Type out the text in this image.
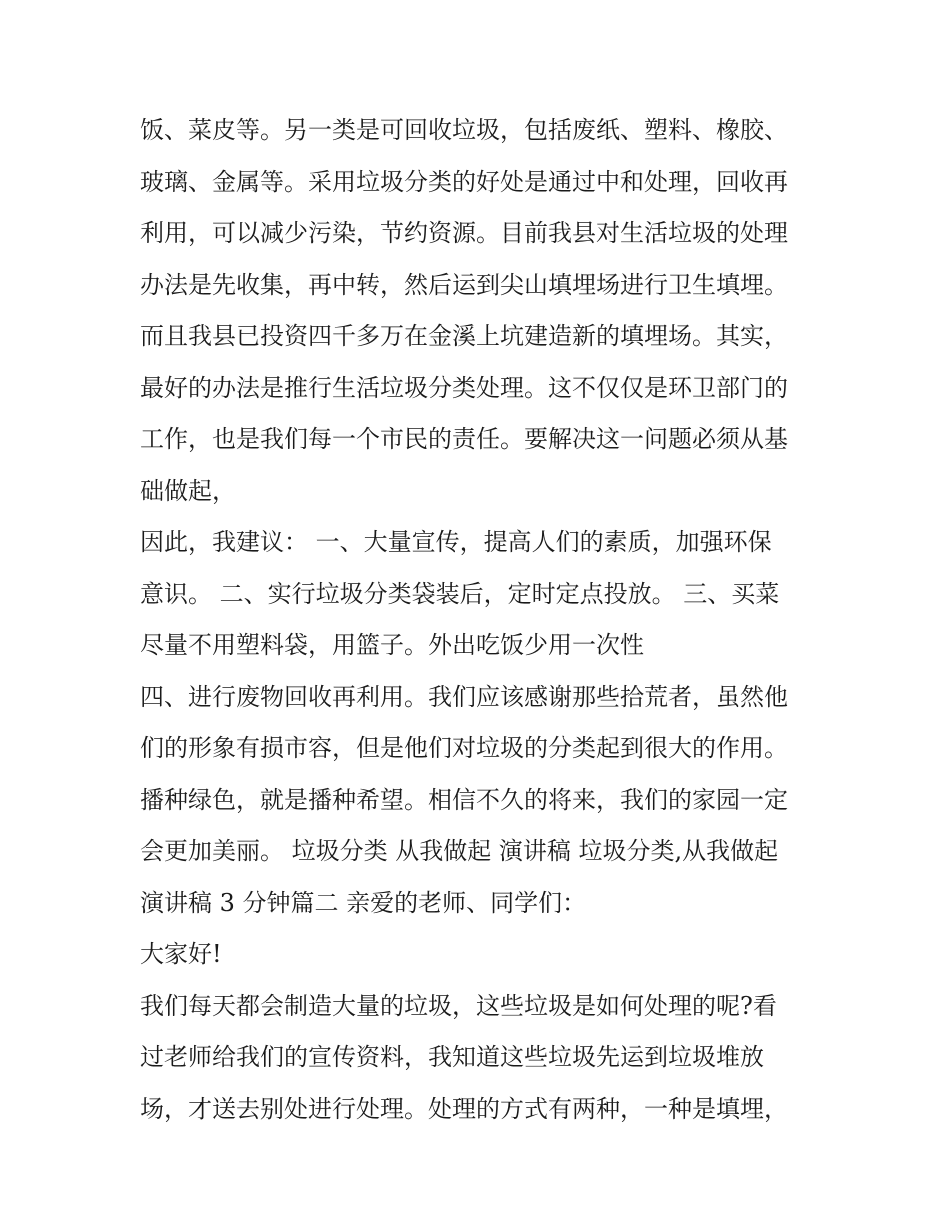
饭、菜皮等。另一类是可回收垃圾，包括废纸、塑料、橡胶、
玻璃、金属等。采用垃圾分类的好处是通过中和处理，回收再
利用，可以减少污染，节约资源。目前我县对生活垃圾的处理
办法是先收集，再中转，然后运到尖山填埋场进行卫生填埋。
而且我县已投资四千多万在金溪上坑建造新的填埋场。其实，
最好的办法是推行生活垃圾分类处理。这不仅仅是环卫部门的
工作，也是我们每一个市民的责任。要解决这一问题必须从基
础做起，
因此，我建议： 一、大量宣传，提高人们的素质，加强环保
意识。 二、实行垃圾分类袋装后，定时定点投放。 三、买菜
尽量不用塑料袋，用篮子。外出吃饭少用一次性
四、进行废物回收再利用。我们应该感谢那些拾荒者，虽然他
们的形象有损市容，但是他们对垃圾的分类起到很大的作用。
播种绿色，就是播种希望。相信不久的将来，我们的家园一定
会更加美丽。 垃圾分类 从我做起 演讲稿 垃圾分类,从我做起
演讲稿 3 分钟篇二 亲爱的老师、同学们：
大家好!
我们每天都会制造大量的垃圾，这些垃圾是如何处理的呢?看
过老师给我们的宣传资料，我知道这些垃圾先运到垃圾堆放
场，才送去别处进行处理。处理的方式有两种，一种是填埋，
